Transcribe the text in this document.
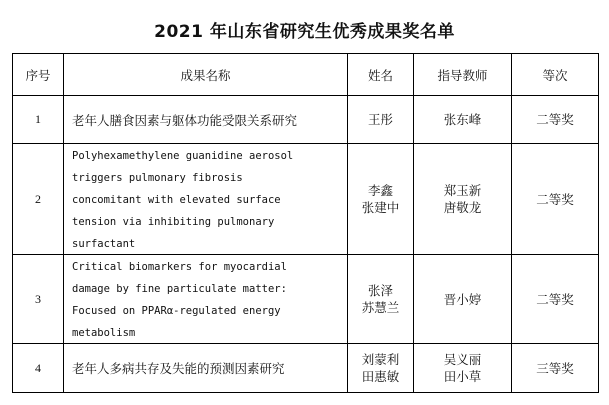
2021 年山东省研究生优秀成果奖名单
序号	成果名称	姓名	指导教师	等次
1	老年人膳食因素与躯体功能受限关系研究	王彤	张东峰	二等奖
2	Polyhexamethylene guanidine aerosol
triggers pulmonary fibrosis
concomitant with elevated surface
tension via inhibiting pulmonary
surfactant	李鑫
张建中	郑玉新
唐敬龙	二等奖
3	Critical biomarkers for myocardial
damage by fine particulate matter:
Focused on PPARα-regulated energy
metabolism	张泽
苏慧兰	晋小婷	二等奖
4	老年人多病共存及失能的预测因素研究	刘蒙利
田惠敏	吴义丽
田小草	三等奖
